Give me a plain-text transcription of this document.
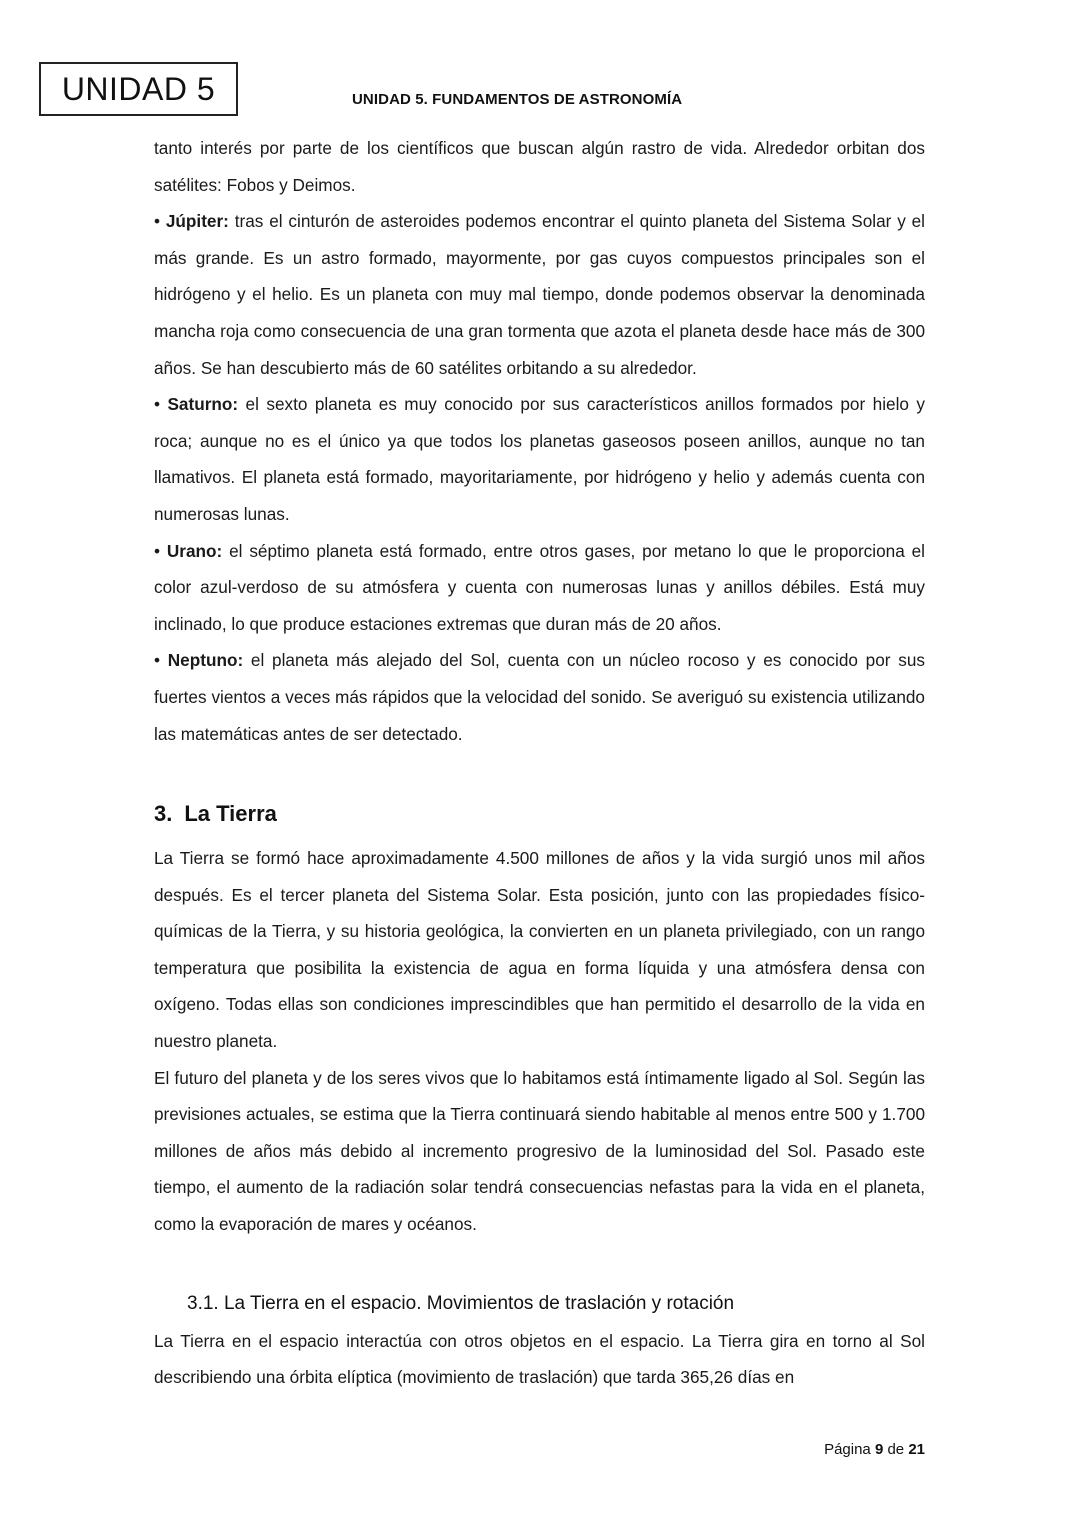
UNIDAD 5	UNIDAD 5. FUNDAMENTOS DE ASTRONOMÍA

tanto interés por parte de los científicos que buscan algún rastro de vida. Alrededor orbitan dos satélites: Fobos y Deimos.

• Júpiter: tras el cinturón de asteroides podemos encontrar el quinto planeta del Sistema Solar y el más grande. Es un astro formado, mayormente, por gas cuyos compuestos principales son el hidrógeno y el helio. Es un planeta con muy mal tiempo, donde podemos observar la denominada mancha roja como consecuencia de una gran tormenta que azota el planeta desde hace más de 300 años. Se han descubierto más de 60 satélites orbitando a su alrededor.

• Saturno: el sexto planeta es muy conocido por sus característicos anillos formados por hielo y roca; aunque no es el único ya que todos los planetas gaseosos poseen anillos, aunque no tan llamativos. El planeta está formado, mayoritariamente, por hidrógeno y helio y además cuenta con numerosas lunas.

• Urano: el séptimo planeta está formado, entre otros gases, por metano lo que le proporciona el color azul-verdoso de su atmósfera y cuenta con numerosas lunas y anillos débiles. Está muy inclinado, lo que produce estaciones extremas que duran más de 20 años.

• Neptuno: el planeta más alejado del Sol, cuenta con un núcleo rocoso y es conocido por sus fuertes vientos a veces más rápidos que la velocidad del sonido. Se averiguó su existencia utilizando las matemáticas antes de ser detectado.

3. La Tierra

La Tierra se formó hace aproximadamente 4.500 millones de años y la vida surgió unos mil años después. Es el tercer planeta del Sistema Solar. Esta posición, junto con las propiedades físico-químicas de la Tierra, y su historia geológica, la convierten en un planeta privilegiado, con un rango temperatura que posibilita la existencia de agua en forma líquida y una atmósfera densa con oxígeno. Todas ellas son condiciones imprescindibles que han permitido el desarrollo de la vida en nuestro planeta.

El futuro del planeta y de los seres vivos que lo habitamos está íntimamente ligado al Sol. Según las previsiones actuales, se estima que la Tierra continuará siendo habitable al menos entre 500 y 1.700 millones de años más debido al incremento progresivo de la luminosidad del Sol. Pasado este tiempo, el aumento de la radiación solar tendrá consecuencias nefastas para la vida en el planeta, como la evaporación de mares y océanos.

3.1. La Tierra en el espacio. Movimientos de traslación y rotación

La Tierra en el espacio interactúa con otros objetos en el espacio. La Tierra gira en torno al Sol describiendo una órbita elíptica (movimiento de traslación) que tarda 365,26 días en

Página 9 de 21
